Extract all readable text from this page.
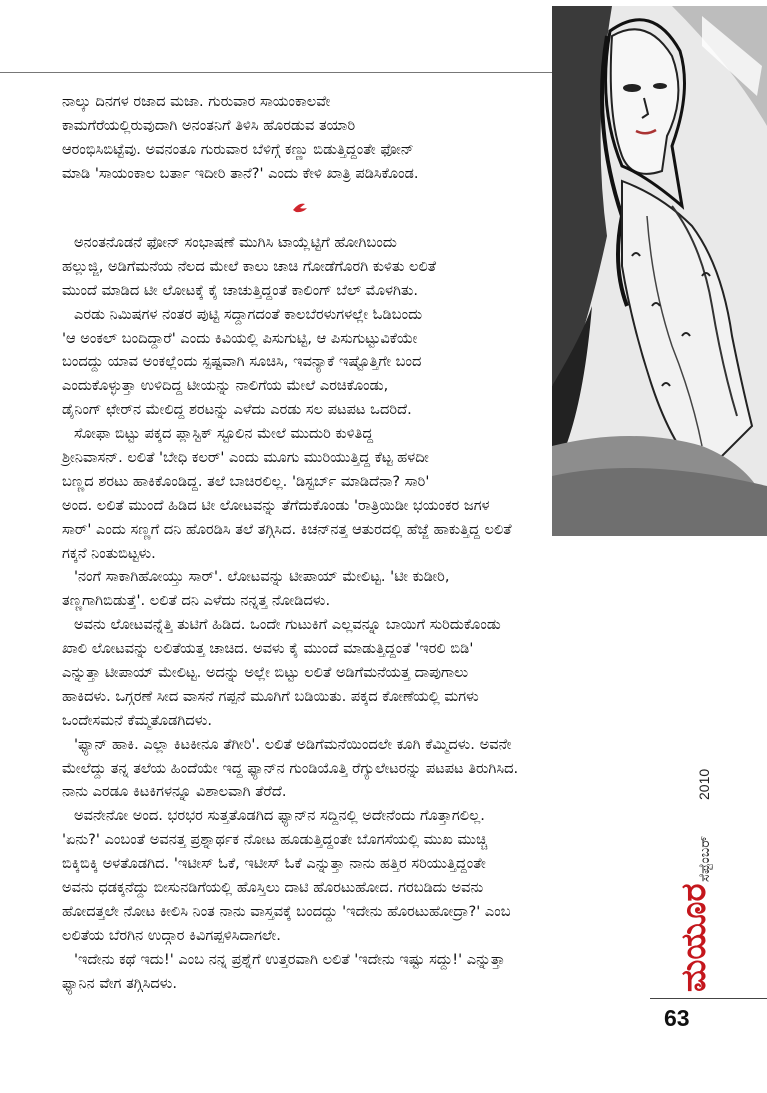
ನಾಲ್ಕು ದಿನಗಳ ರಜಾದ ಮಜಾ. ಗುರುವಾರ ಸಾಯಂಕಾಲವೇ
ಕಾಮಗೆರೆಯಲ್ಲಿರುವುದಾಗಿ ಅನಂತನಿಗೆ ತಿಳಿಸಿ ಹೊರಡುವ ತಯಾರಿ
ಆರಂಭಿಸಿಬಿಟ್ಟೆವು. ಅವನಂತೂ ಗುರುವಾರ ಬೆಳಿಗ್ಗೆ ಕಣ್ಣು ಬಿಡುತ್ತಿದ್ದಂತೇ ಫೋನ್
ಮಾಡಿ 'ಸಾಯಂಕಾಲ ಬರ್ತಾ ಇದೀರಿ ತಾನೆ?' ಎಂದು ಕೇಳಿ ಖಾತ್ರಿ ಪಡಿಸಿಕೊಂಡ.
ಅನಂತನೊಡನೆ ಫೋನ್ ಸಂಭಾಷಣೆ ಮುಗಿಸಿ ಟಾಯ್ಲೆಟ್ಟಿಗೆ ಹೋಗಿಬಂದು
ಹಲ್ಲುಜ್ಜಿ, ಅಡಿಗೆಮನೆಯ ನೆಲದ ಮೇಲೆ ಕಾಲು ಚಾಚಿ ಗೋಡೆಗೊರಗಿ ಕುಳಿತು ಲಲಿತೆ
ಮುಂದೆ ಮಾಡಿದ ಟೀ ಲೋಟಕ್ಕೆ ಕೈ ಚಾಚುತ್ತಿದ್ದಂತೆ ಕಾಲಿಂಗ್ ಬೆಲ್ ಮೊಳಗಿತು.
ಎರಡು ನಿಮಿಷಗಳ ನಂತರ ಪುಟ್ಟಿ ಸದ್ದಾಗದಂತೆ ಕಾಲಬೆರಳುಗಳಲ್ಲೇ ಓಡಿಬಂದು
'ಆ ಅಂಕಲ್ ಬಂದಿದ್ದಾರೆ' ಎಂದು ಕಿವಿಯಲ್ಲಿ ಪಿಸುಗುಟ್ಟಿ, ಆ ಪಿಸುಗುಟ್ಟುವಿಕೆಯೇ
ಬಂದದ್ದು ಯಾವ ಅಂಕಲ್ಲೆಂದು ಸ್ಪಷ್ಟವಾಗಿ ಸೂಚಿಸಿ, ಇವನ್ಯಾಕೆ ಇಷ್ಟೊತ್ತಿಗೇ ಬಂದ
ಎಂದುಕೊಳ್ಳುತ್ತಾ ಉಳಿದಿದ್ದ ಟೀಯನ್ನು ನಾಲಿಗೆಯ ಮೇಲೆ ಎರಚಿಕೊಂಡು,
ಡೈನಿಂಗ್ ಛೇರ್‌ನ ಮೇಲಿದ್ದ ಶರಟನ್ನು ಎಳೆದು ಎರಡು ಸಲ ಪಟಪಟ ಒದರಿದೆ.
ಸೋಫಾ ಬಿಟ್ಟು ಪಕ್ಕದ ಪ್ಲಾಸ್ಟಿಕ್ ಸ್ಟೂಲಿನ ಮೇಲೆ ಮುದುರಿ ಕುಳಿತಿದ್ದ
ಶ್ರೀನಿವಾಸನ್. ಲಲಿತೆ 'ಬೇಧಿ ಕಲರ್' ಎಂದು ಮೂಗು ಮುರಿಯುತ್ತಿದ್ದ ಕೆಟ್ಟ ಹಳದೀ
ಬಣ್ಣದ ಶರಟು ಹಾಕಿಕೊಂಡಿದ್ದ. ತಲೆ ಬಾಚಿರಲಿಲ್ಲ. 'ಡಿಸ್ಟರ್ಬ್ ಮಾಡಿದೆನಾ? ಸಾರಿ'
ಅಂದ. ಲಲಿತೆ ಮುಂದೆ ಹಿಡಿದ ಟೀ ಲೋಟವನ್ನು ತೆಗೆದುಕೊಂಡು 'ರಾತ್ರಿಯಿಡೀ ಭಯಂಕರ ಜಗಳ
ಸಾರ್' ಎಂದು ಸಣ್ಣಗೆ ದನಿ ಹೊರಡಿಸಿ ತಲೆ ತಗ್ಗಿಸಿದ. ಕಿಚನ್‌ನತ್ತ ಆತುರದಲ್ಲಿ ಹೆಜ್ಜೆ ಹಾಕುತ್ತಿದ್ದ ಲಲಿತೆ
ಗಕ್ಕನೆ ನಿಂತುಬಿಟ್ಟಳು.
'ನಂಗೆ ಸಾಕಾಗಿಹೋಯ್ತು ಸಾರ್'. ಲೋಟವನ್ನು ಟೀಪಾಯ್ ಮೇಲಿಟ್ಟ. 'ಟೀ ಕುಡೀರಿ,
ತಣ್ಣಗಾಗಿಬಿಡುತ್ತೆ'. ಲಲಿತೆ ದನಿ ಎಳೆದು ನನ್ನತ್ತ ನೋಡಿದಳು.
ಅವನು ಲೋಟವನ್ನೆತ್ತಿ ತುಟಿಗೆ ಹಿಡಿದ. ಒಂದೇ ಗುಟುಕಿಗೆ ಎಲ್ಲವನ್ನೂ ಬಾಯಿಗೆ ಸುರಿದುಕೊಂಡು
ಖಾಲಿ ಲೋಟವನ್ನು ಲಲಿತೆಯತ್ತ ಚಾಚಿದ. ಅವಳು ಕೈ ಮುಂದೆ ಮಾಡುತ್ತಿದ್ದಂತೆ 'ಇರಲಿ ಬಿಡಿ'
ಎನ್ನುತ್ತಾ ಟೀಪಾಯ್ ಮೇಲಿಟ್ಟ. ಅದನ್ನು ಅಲ್ಲೇ ಬಿಟ್ಟು ಲಲಿತೆ ಅಡಿಗೆಮನೆಯತ್ತ ದಾಪುಗಾಲು
ಹಾಕಿದಳು. ಒಗ್ಗರಣೆ ಸೀದ ವಾಸನೆ ಗಪ್ಪನೆ ಮೂಗಿಗೆ ಬಡಿಯಿತು. ಪಕ್ಕದ ಕೋಣೆಯಲ್ಲಿ ಮಗಳು
ಒಂದೇಸಮನೆ ಕೆಮ್ಮತೊಡಗಿದಳು.
'ಫ್ಯಾನ್ ಹಾಕಿ. ಎಲ್ಲಾ ಕಿಟಕೀನೂ ತೆಗೀರಿ'. ಲಲಿತೆ ಅಡಿಗೆಮನೆಯಿಂದಲೇ ಕೂಗಿ ಕೆಮ್ಮಿದಳು. ಅವನೇ
ಮೇಲೆದ್ದು ತನ್ನ ತಲೆಯ ಹಿಂದೆಯೇ ಇದ್ದ ಫ್ಯಾನ್‌ನ ಗುಂಡಿಯೊತ್ತಿ ರೆಗ್ಯುಲೇಟರನ್ನು ಪಟಪಟ ತಿರುಗಿಸಿದ.
ನಾನು ಎರಡೂ ಕಿಟಕಿಗಳನ್ನೂ ವಿಶಾಲವಾಗಿ ತೆರೆದೆ.
ಅವನೇನೋ ಅಂದ. ಭರಭರ ಸುತ್ತತೊಡಗಿದ ಫ್ಯಾನ್‌ನ ಸದ್ದಿನಲ್ಲಿ ಅದೇನೆಂದು ಗೊತ್ತಾಗಲಿಲ್ಲ.
'ಏನು?' ಎಂಬಂತೆ ಅವನತ್ತ ಪ್ರಶ್ನಾರ್ಥಕ ನೋಟ ಹೂಡುತ್ತಿದ್ದಂತೇ ಬೊಗಸೆಯಲ್ಲಿ ಮುಖ ಮುಚ್ಚಿ
ಬಿಕ್ಕಿಬಿಕ್ಕಿ ಅಳತೊಡಗಿದ. 'ಇಟೀಸ್ ಓಕೆ, ಇಟೀಸ್ ಓಕೆ ಎನ್ನುತ್ತಾ ನಾನು ಹತ್ತಿರ ಸರಿಯುತ್ತಿದ್ದಂತೇ
ಅವನು ಧಡಕ್ಕನೆದ್ದು ಬೀಸುನಡಿಗೆಯಲ್ಲಿ ಹೊಸ್ತಿಲು ದಾಟಿ ಹೊರಟುಹೋದ. ಗರಬಡಿದು ಅವನು
ಹೋದತ್ತಲೇ ನೋಟ ಕೀಲಿಸಿ ನಿಂತ ನಾನು ವಾಸ್ತವಕ್ಕೆ ಬಂದದ್ದು 'ಇದೇನು ಹೊರಟುಹೋದ್ರಾ?' ಎಂಬ
ಲಲಿತೆಯ ಬೆರಗಿನ ಉದ್ಗಾರ ಕಿವಿಗಪ್ಪಳಿಸಿದಾಗಲೇ.
'ಇದೇನು ಕಥೆ ಇದು!' ಎಂಬ ನನ್ನ ಪ್ರಶ್ನೆಗೆ ಉತ್ತರವಾಗಿ ಲಲಿತೆ 'ಇದೇನು ಇಷ್ಟು ಸದ್ದು!' ಎನ್ನುತ್ತಾ
ಫ್ಯಾನಿನ ವೇಗ ತಗ್ಗಿಸಿದಳು.	ಮಯೂರ
ಸೆಪ್ಟೆಂಬರ್
2010
63
